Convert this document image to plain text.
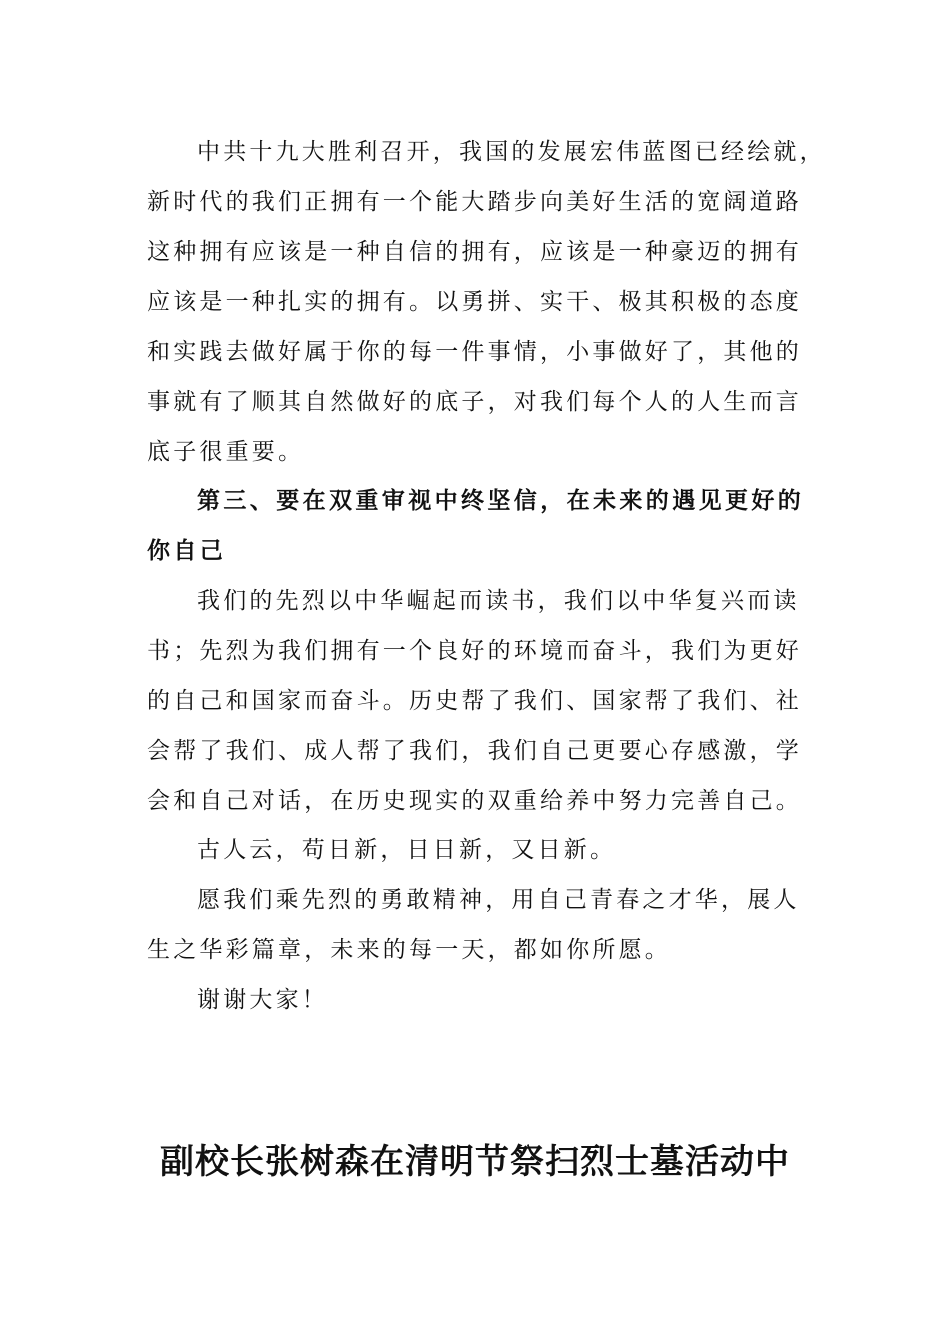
中共十九大胜利召开，我国的发展宏伟蓝图已经绘就，
新时代的我们正拥有一个能大踏步向美好生活的宽阔道路
这种拥有应该是一种自信的拥有，应该是一种豪迈的拥有
应该是一种扎实的拥有。以勇拼、实干、极其积极的态度
和实践去做好属于你的每一件事情，小事做好了，其他的
事就有了顺其自然做好的底子，对我们每个人的人生而言
底子很重要。
第三、要在双重审视中终坚信，在未来的遇见更好的
你自己
我们的先烈以中华崛起而读书，我们以中华复兴而读
书；先烈为我们拥有一个良好的环境而奋斗，我们为更好
的自己和国家而奋斗。历史帮了我们、国家帮了我们、社
会帮了我们、成人帮了我们，我们自己更要心存感激，学
会和自己对话，在历史现实的双重给养中努力完善自己。
古人云，苟日新，日日新，又日新。
愿我们乘先烈的勇敢精神，用自己青春之才华，展人
生之华彩篇章，未来的每一天，都如你所愿。
谢谢大家！
副校长张树森在清明节祭扫烈士墓活动中
